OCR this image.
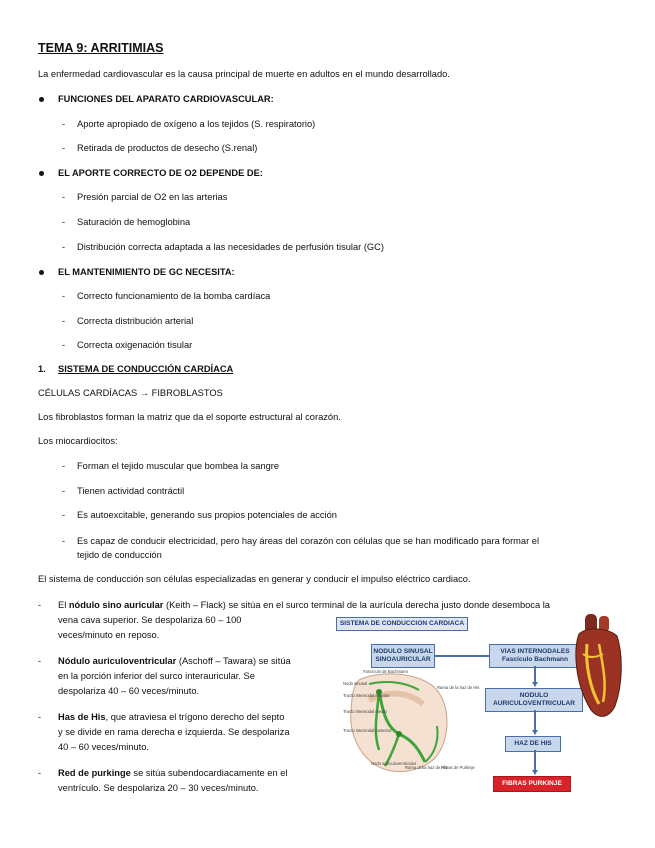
TEMA 9: ARRITIMIAS
La enfermedad cardiovascular es la causa principal de muerte en adultos en el mundo desarrollado.
FUNCIONES DEL APARATO CARDIOVASCULAR:
- Aporte apropiado de oxígeno a los tejidos (S. respiratorio)
- Retirada de productos de desecho (S.renal)
EL APORTE CORRECTO DE O2 DEPENDE DE:
- Presión parcial de O2 en las arterias
- Saturación de hemoglobina
- Distribución correcta adaptada a las necesidades de perfusión tisular (GC)
EL MANTENIMIENTO DE GC NECESITA:
- Correcto funcionamiento de la bomba cardíaca
- Correcta distribución arterial
- Correcta oxigenación tisular
1. SISTEMA DE CONDUCCIÓN CARDÍACA
CÉLULAS CARDÍACAS → FIBROBLASTOS
Los fibroblastos forman la matriz que da el soporte estructural al corazón.
Los miocardiocitos:
- Forman el tejido muscular que bombea la sangre
- Tienen actividad contráctil
- Es autoexcitable, generando sus propios potenciales de acción
- Es capaz de conducir electricidad, pero hay áreas del corazón con células que se han modificado para formar el
tejido de conducción
El sistema de conducción son células especializadas en generar y conducir el impulso eléctrico cardiaco.
- El nódulo sino auricular (Keith – Flack) se sitúa en el surco terminal de la aurícula derecha justo donde desemboca la
vena cava superior. Se despolariza 60 – 100
veces/minuto en reposo.
- Nódulo auriculoventricular (Aschoff – Tawara) se sitúa
en la porción inferior del surco interauricular. Se
despolariza 40 – 60 veces/minuto.
- Has de His, que atraviesa el trígono derecho del septo
y se divide en rama derecha e izquierda. Se despolariza
40 – 60 veces/minuto.
- Red de purkinge se sitúa subendocardiacamente en el
ventrículo. Se despolariza 20 – 30 veces/minuto.
SISTEMA DE CONDUCCION CARDIACA
Fascículo de Bachmann
Nodo sinusal
Tracto internodal anterior
Tracto internodal medio
Tracto internodal posterior
Rama de la haz de His
Nodo auriculoventricular
Rama dcha haz de His
Fibras de Purkinje
NODULO SINUSAL SINOAURICULAR
VIAS INTERNODALES Fascículo Bachmann
NODULO AURICULOVENTRICULAR
HAZ DE HIS
FIBRAS PURKINJE
